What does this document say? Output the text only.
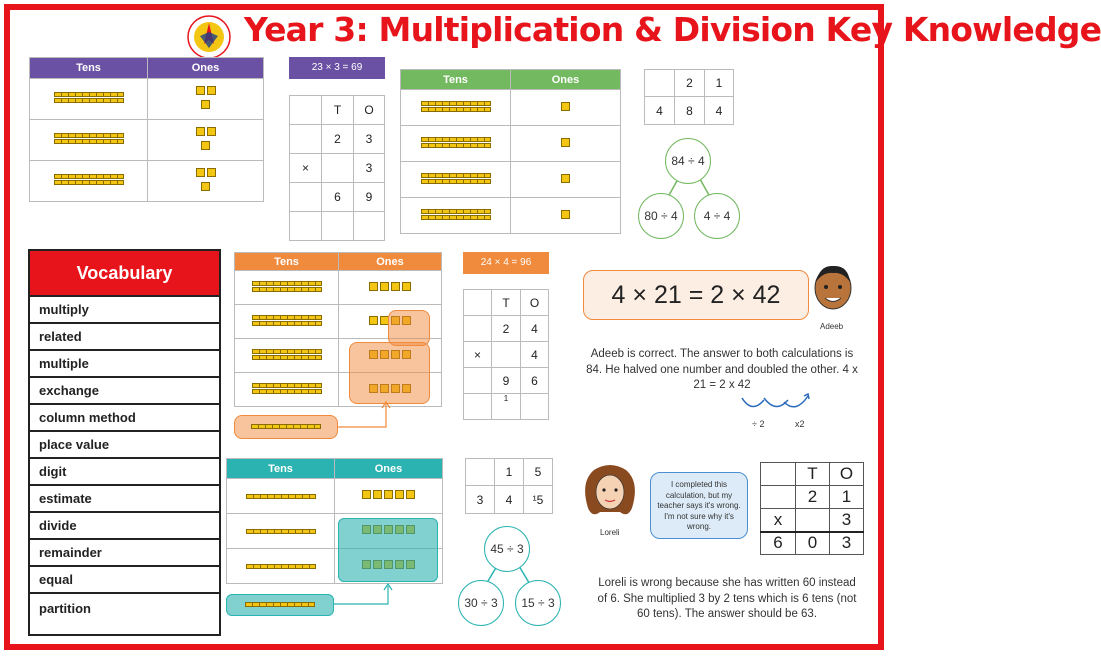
Year 3: Multiplication & Division Key Knowledge
Tens	Ones

		23 × 3 = 69
	T	O
	2	3
×		3
	6	9

Tens	Ones

		2	1
4	8	4
84 ÷ 4
80 ÷ 4	4 ÷ 4
Vocabulary
multiply
related
multiple
exchange
column method
place value
digit
estimate
divide
remainder
equal
partition
Tens	Ones

		24 × 4 = 96
	T	O
	2	4
×		4
	9	6
	1	
Tens	Ones

		1	5
3	4	¹5
45 ÷ 3
30 ÷ 3	15 ÷ 3
4 × 21 = 2 × 42
Adeeb
Adeeb is correct. The answer to both calculations is 84. He halved one number and doubled the other. 4 x 21 = 2 x 42
÷ 2	x2
Loreli
I completed this calculation, but my teacher says it's wrong. I'm not sure why it's wrong.
	T	O
	2	1
x		3
6	0	3
Loreli is wrong because she has written 60 instead of 6. She multiplied 3 by 2 tens which is 6 tens (not 60 tens). The answer should be 63.
